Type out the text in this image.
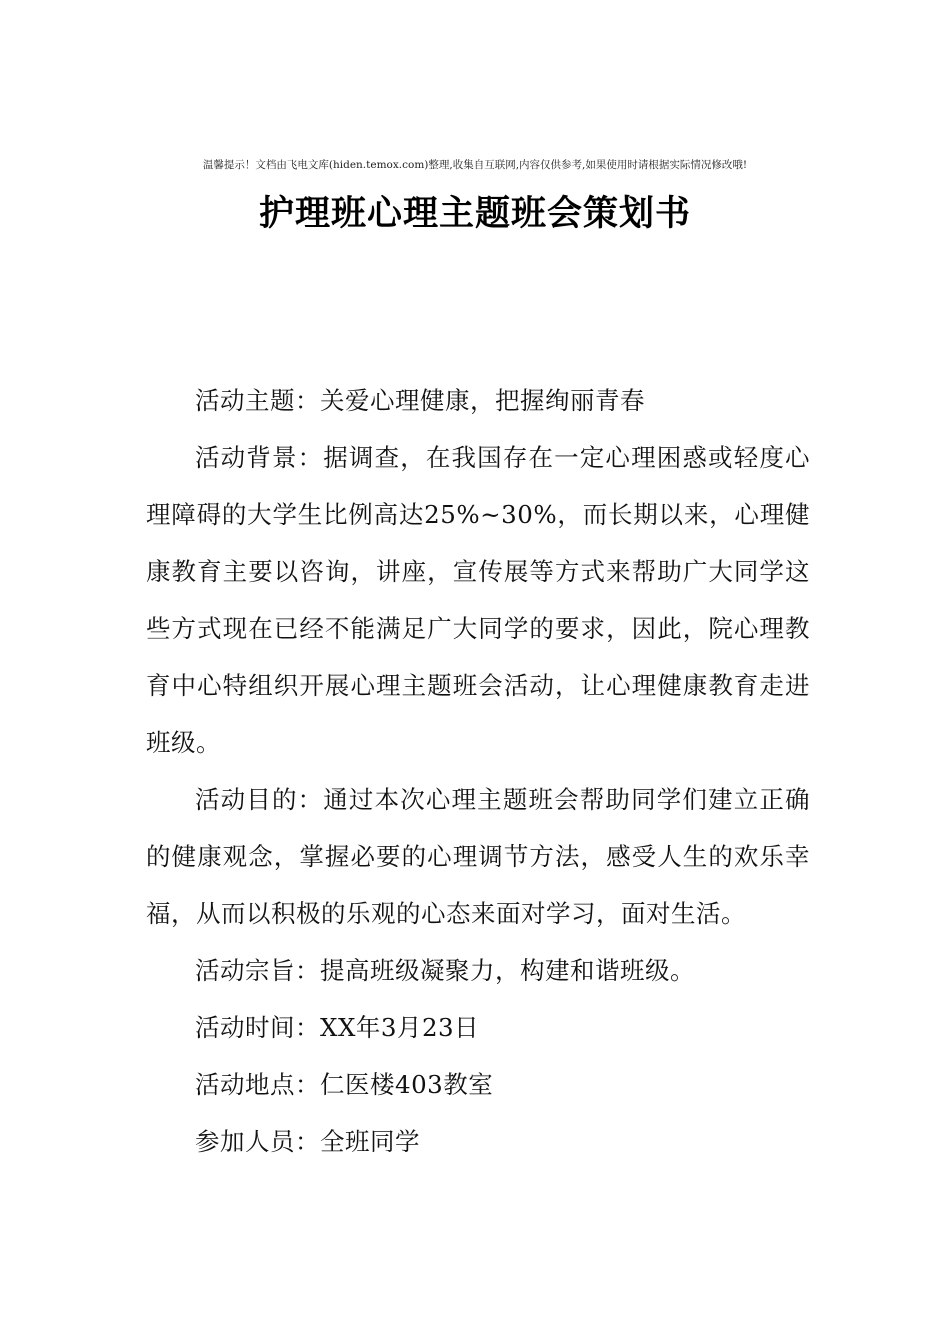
温馨提示！文档由飞电文库(hiden.temox.com)整理,收集自互联网,内容仅供参考,如果使用时请根据实际情况修改哦!
护理班心理主题班会策划书

活动主题：关爱心理健康，把握绚丽青春

活动背景：据调查，在我国存在一定心理困惑或轻度心理障碍的大学生比例高达25%~30%，而长期以来，心理健康教育主要以咨询，讲座，宣传展等方式来帮助广大同学这些方式现在已经不能满足广大同学的要求，因此，院心理教育中心特组织开展心理主题班会活动，让心理健康教育走进班级。

活动目的：通过本次心理主题班会帮助同学们建立正确的健康观念，掌握必要的心理调节方法，感受人生的欢乐幸福，从而以积极的乐观的心态来面对学习，面对生活。

活动宗旨：提高班级凝聚力，构建和谐班级。

活动时间：XX年3月23日

活动地点：仁医楼403教室

参加人员：全班同学
